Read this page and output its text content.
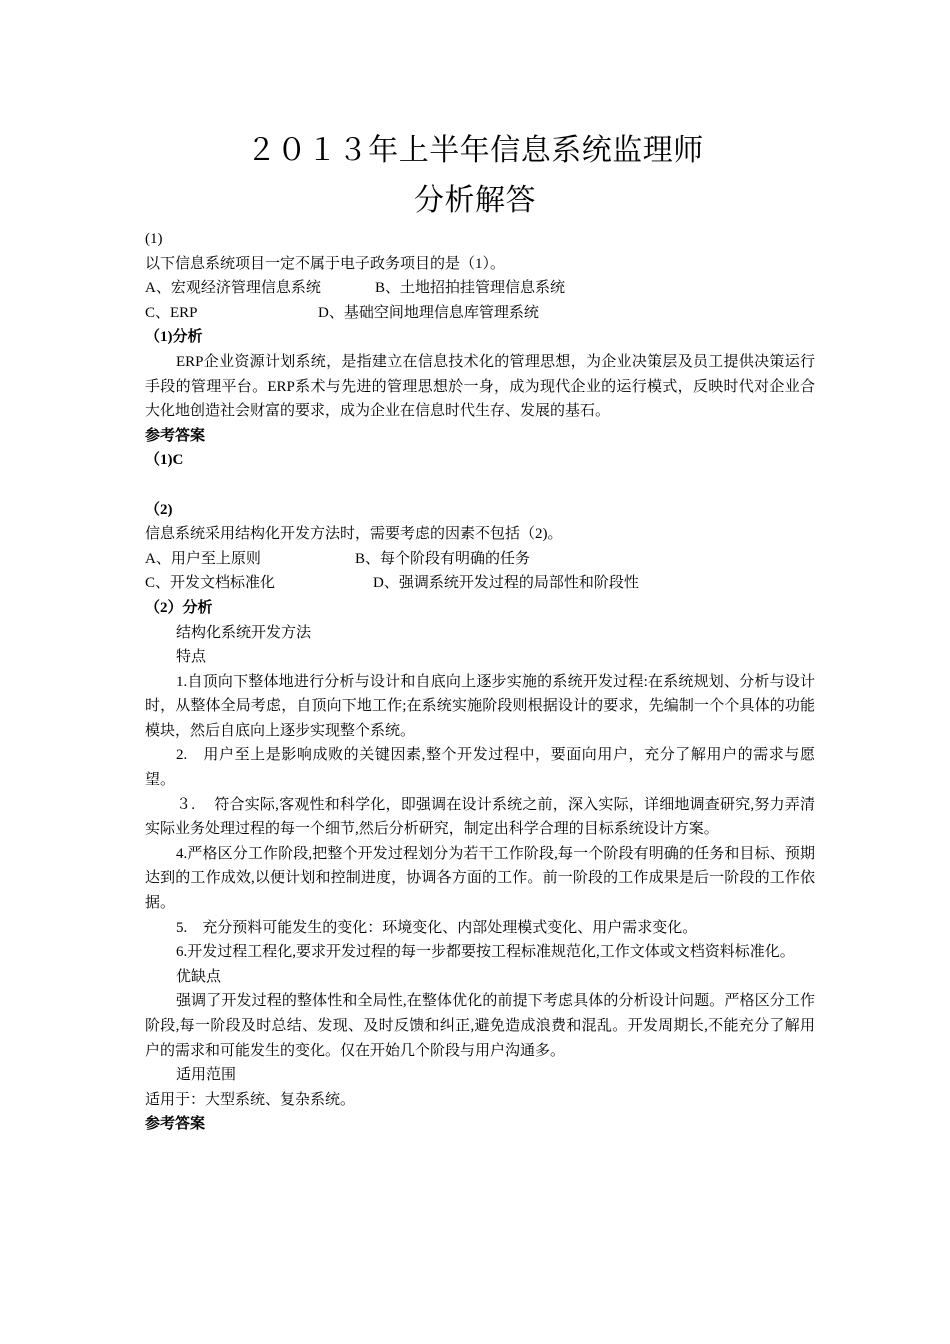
２０１３年上半年信息系统监理师
分析解答

(1)

以下信息系统项目一定不属于电子政务项目的是（1）。

A、宏观经济管理信息系统	B、土地招拍挂管理信息系统

C、ERP	D、基础空间地理信息库管理系统

（1)分析

ERP企业资源计划系统，是指建立在信息技术化的管理思想，为企业决策层及员工提供决策运行手段的管理平台。ERP系术与先进的管理思想於一身，成为现代企业的运行模式，反映时代对企业合大化地创造社会财富的要求，成为企业在信息时代生存、发展的基石。

参考答案

（1)C

（2)

信息系统采用结构化开发方法时，需要考虑的因素不包括（2)。

A、用户至上原则	B、每个阶段有明确的任务

C、开发文档标准化	D、强调系统开发过程的局部性和阶段性

（2）分析

结构化系统开发方法

特点

1.自顶向下整体地进行分析与设计和自底向上逐步实施的系统开发过程:在系统规划、分析与设计时，从整体全局考虑，自顶向下地工作;在系统实施阶段则根据设计的要求，先编制一个个具体的功能模块，然后自底向上逐步实现整个系统。

2.　用户至上是影响成败的关键因素,整个开发过程中，要面向用户，充分了解用户的需求与愿望。

３.　 符合实际,客观性和科学化，即强调在设计系统之前，深入实际，详细地调查研究,努力弄清实际业务处理过程的每一个细节,然后分析研究，制定出科学合理的目标系统设计方案。

4.严格区分工作阶段,把整个开发过程划分为若干工作阶段,每一个阶段有明确的任务和目标、预期达到的工作成效,以便计划和控制进度，协调各方面的工作。前一阶段的工作成果是后一阶段的工作依据。

5.　充分预料可能发生的变化：环境变化、内部处理模式变化、用户需求变化。

6.开发过程工程化,要求开发过程的每一步都要按工程标准规范化,工作文体或文档资料标准化。

优缺点

强调了开发过程的整体性和全局性,在整体优化的前提下考虑具体的分析设计问题。严格区分工作阶段,每一阶段及时总结、发现、及时反馈和纠正,避免造成浪费和混乱。开发周期长,不能充分了解用户的需求和可能发生的变化。仅在开始几个阶段与用户沟通多。

适用范围

适用于：大型系统、复杂系统。

参考答案
